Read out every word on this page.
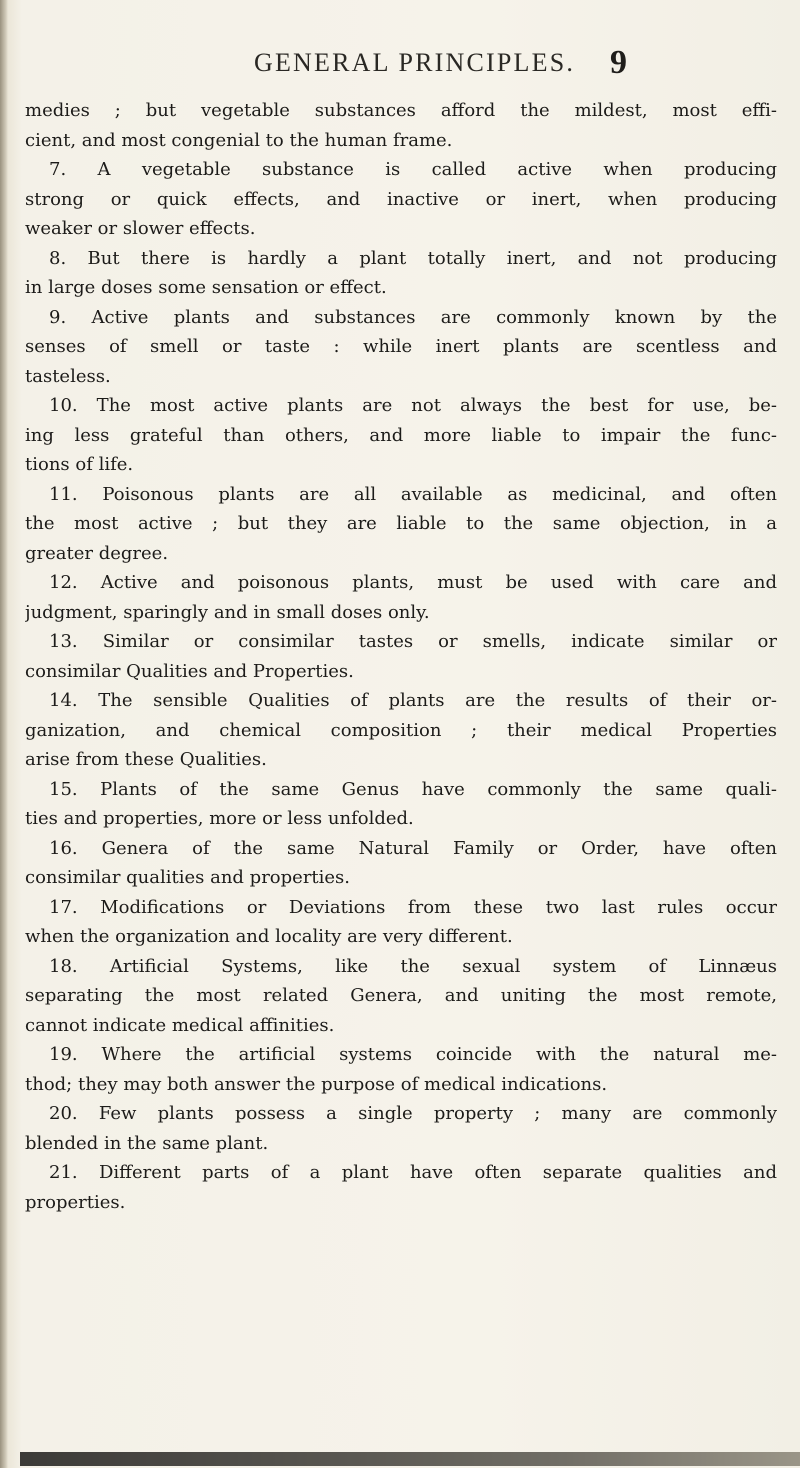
GENERAL PRINCIPLES. 9
medies ; but vegetable substances afford the mildest, most effi-
cient, and most congenial to the human frame.
7. A vegetable substance is called active when producing
strong or quick effects, and inactive or inert, when producing
weaker or slower effects.
8. But there is hardly a plant totally inert, and not producing
in large doses some sensation or effect.
9. Active plants and substances are commonly known by the
senses of smell or taste : while inert plants are scentless and
tasteless.
10. The most active plants are not always the best for use, be-
ing less grateful than others, and more liable to impair the func-
tions of life.
11. Poisonous plants are all available as medicinal, and often
the most active ; but they are liable to the same objection, in a
greater degree.
12. Active and poisonous plants, must be used with care and
judgment, sparingly and in small doses only.
13. Similar or consimilar tastes or smells, indicate similar or
consimilar Qualities and Properties.
14. The sensible Qualities of plants are the results of their or-
ganization, and chemical composition ; their medical Properties
arise from these Qualities.
15. Plants of the same Genus have commonly the same quali-
ties and properties, more or less unfolded.
16. Genera of the same Natural Family or Order, have often
consimilar qualities and properties.
17. Modifications or Deviations from these two last rules occur
when the organization and locality are very different.
18. Artificial Systems, like the sexual system of Linnæus
separating the most related Genera, and uniting the most remote,
cannot indicate medical affinities.
19. Where the artificial systems coincide with the natural me-
thod; they may both answer the purpose of medical indications.
20. Few plants possess a single property ; many are commonly
blended in the same plant.
21. Different parts of a plant have often separate qualities and
properties.
